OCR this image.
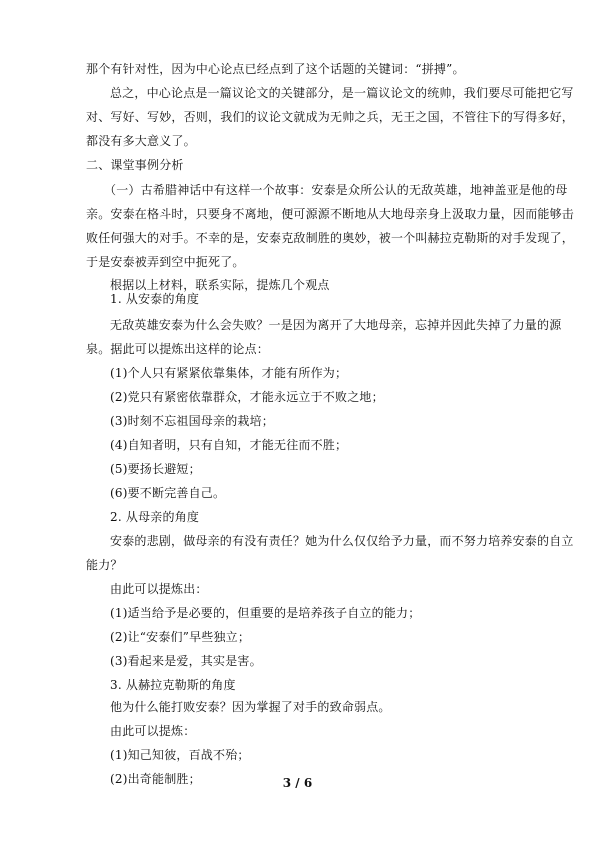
那个有针对性，因为中心论点已经点到了这个话题的关键词：“拼搏”。
总之，中心论点是一篇议论文的关键部分，是一篇议论文的统帅，我们要尽可能把它写
对、写好、写妙，否则，我们的议论文就成为无帅之兵，无王之国，不管往下的写得多好，
都没有多大意义了。
二、课堂事例分析
（一）古希腊神话中有这样一个故事：安泰是众所公认的无敌英雄，地神盖亚是他的母
亲。安泰在格斗时，只要身不离地，便可源源不断地从大地母亲身上汲取力量，因而能够击
败任何强大的对手。不幸的是，安泰克敌制胜的奥妙，被一个叫赫拉克勒斯的对手发现了，
于是安泰被弄到空中扼死了。
根据以上材料，联系实际，提炼几个观点
1. 从安泰的角度
无敌英雄安泰为什么会失败？一是因为离开了大地母亲，忘掉并因此失掉了力量的源
泉。据此可以提炼出这样的论点：
(1)个人只有紧紧依靠集体，才能有所作为；
(2)党只有紧密依靠群众，才能永远立于不败之地；
(3)时刻不忘祖国母亲的栽培；
(4)自知者明，只有自知，才能无往而不胜；
(5)要扬长避短；
(6)要不断完善自己。
2. 从母亲的角度
安泰的悲剧，做母亲的有没有责任？她为什么仅仅给予力量，而不努力培养安泰的自立
能力？
由此可以提炼出：
(1)适当给予是必要的，但重要的是培养孩子自立的能力；
(2)让“安泰们”早些独立；
(3)看起来是爱，其实是害。
3. 从赫拉克勒斯的角度
他为什么能打败安泰？因为掌握了对手的致命弱点。
由此可以提炼：
(1)知己知彼，百战不殆；
(2)出奇能制胜；	3 / 6
